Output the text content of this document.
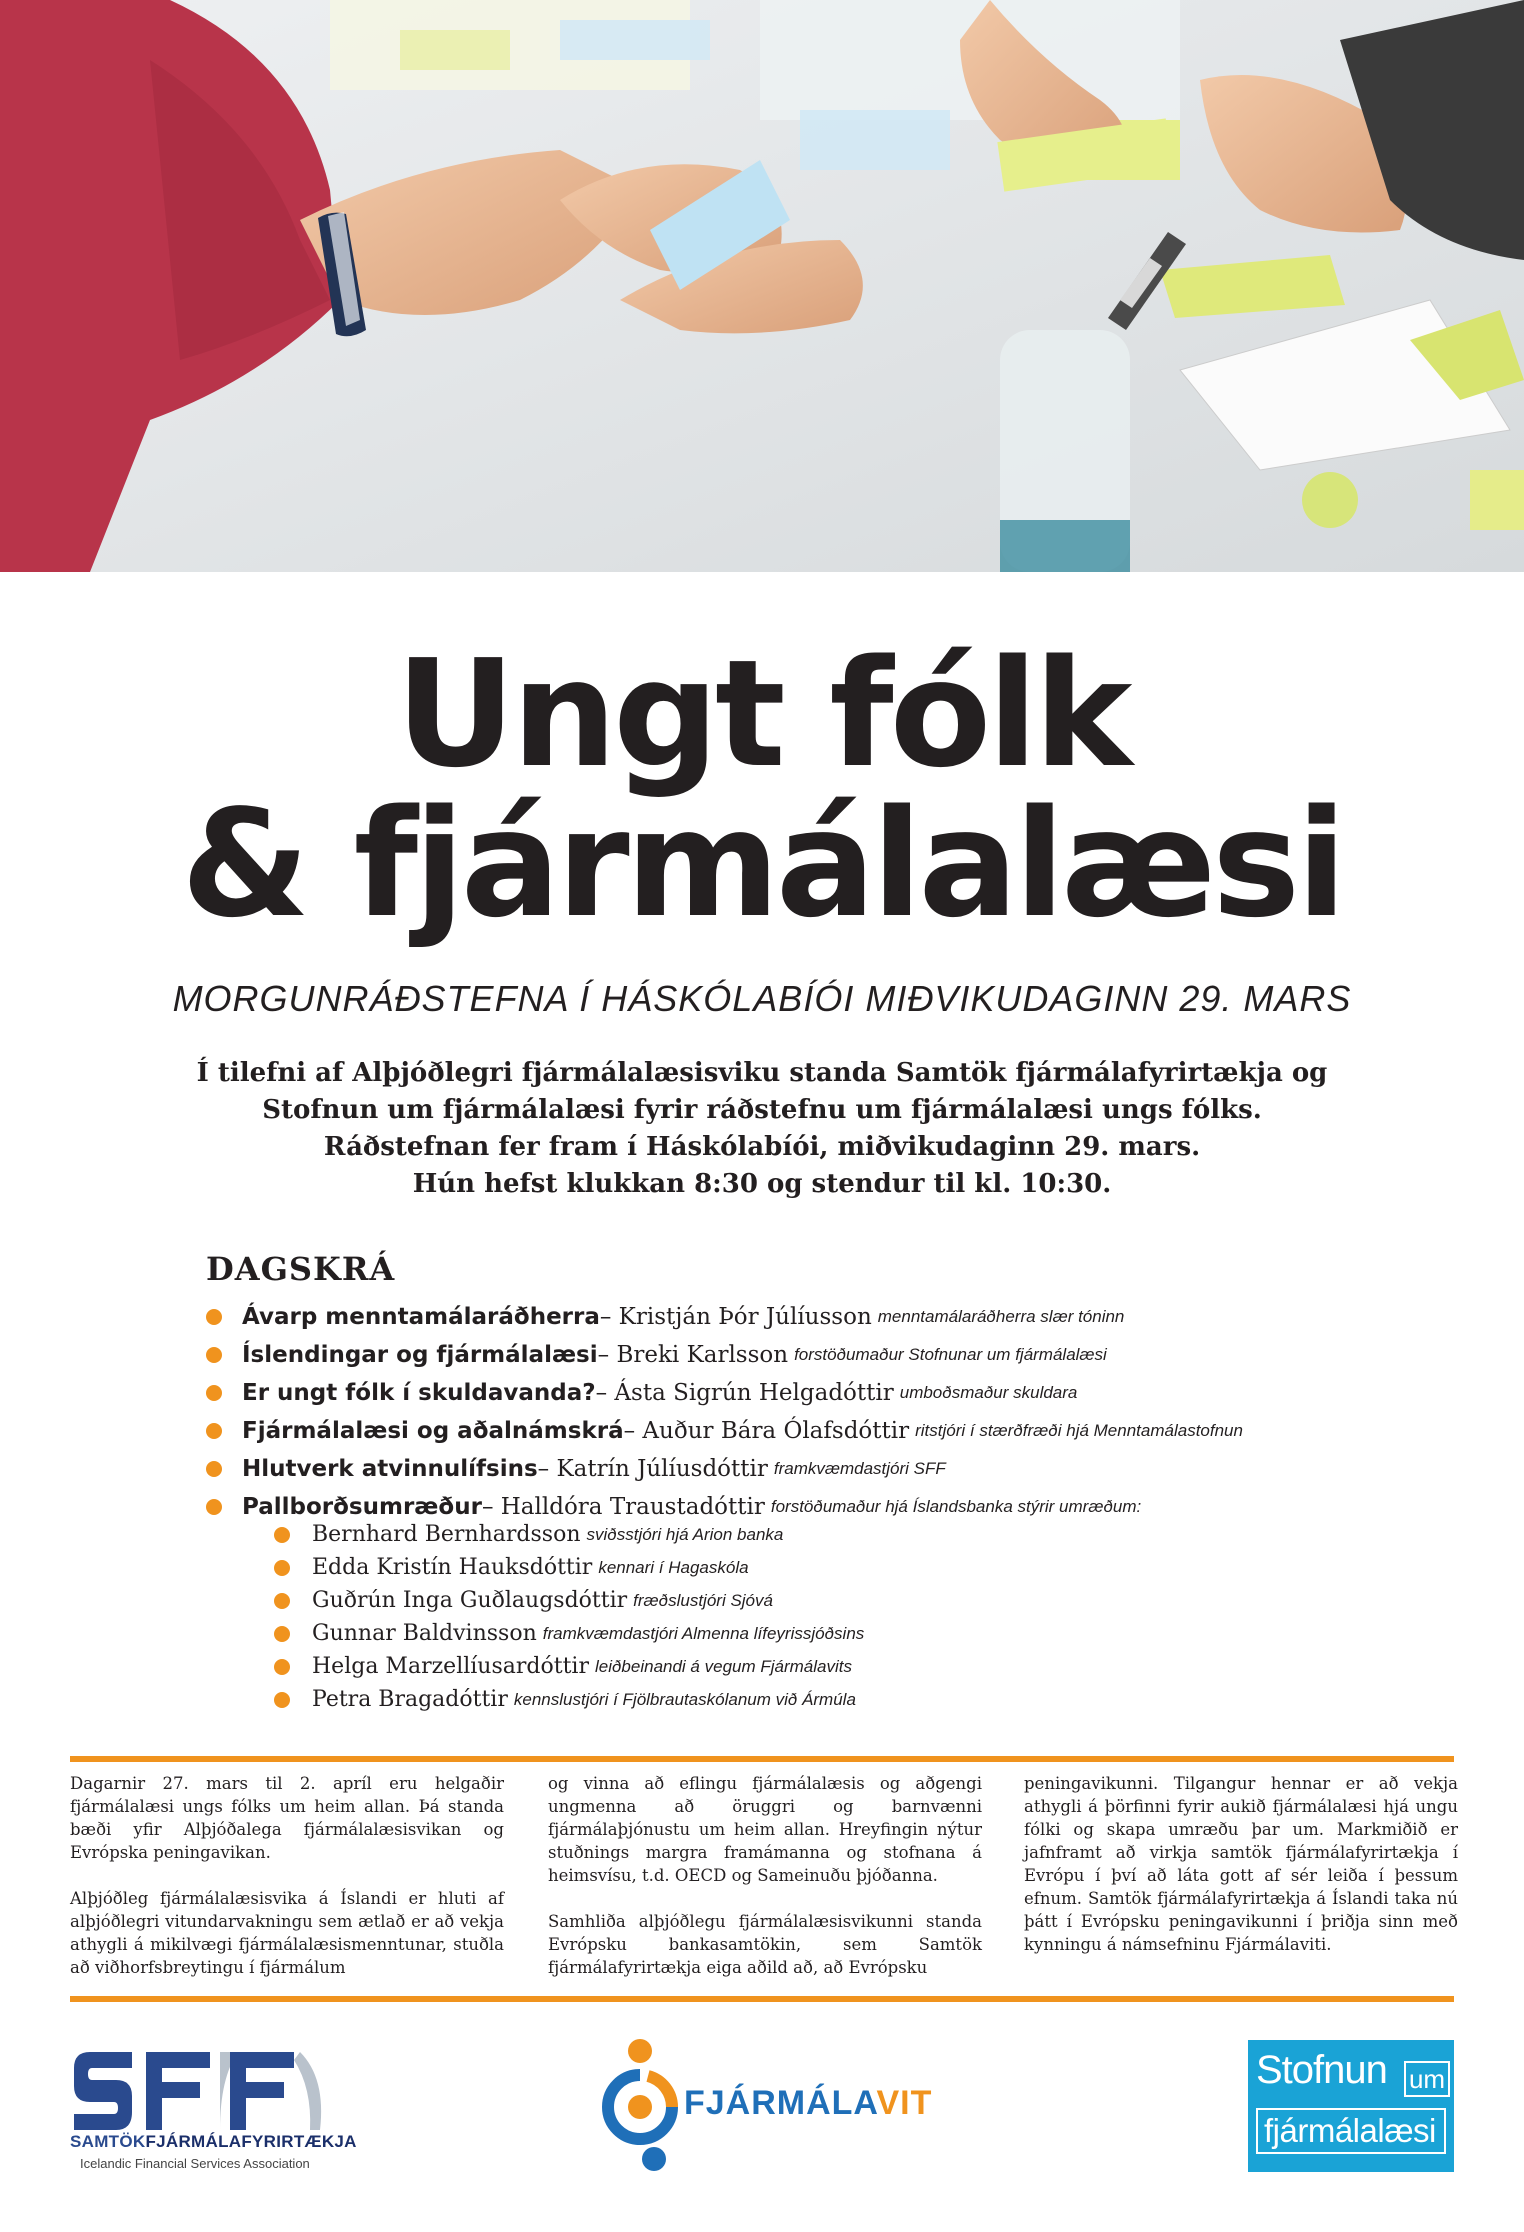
Ungt fólk
& fjármálalæsi
MORGUNRÁÐSTEFNA Í HÁSKÓLABÍÓI MIÐVIKUDAGINN 29. MARS
Í tilefni af Alþjóðlegri fjármálalæsisviku standa Samtök fjármálafyrirtækja og
Stofnun um fjármálalæsi fyrir ráðstefnu um fjármálalæsi ungs fólks.
Ráðstefnan fer fram í Háskólabíói, miðvikudaginn 29. mars.
Hún hefst klukkan 8:30 og stendur til kl. 10:30.
DAGSKRÁ
Ávarp menntamálaráðherra – Kristján Þór Júlíusson menntamálaráðherra slær tóninn
Íslendingar og fjármálalæsi – Breki Karlsson forstöðumaður Stofnunar um fjármálalæsi
Er ungt fólk í skuldavanda? – Ásta Sigrún Helgadóttir umboðsmaður skuldara
Fjármálalæsi og aðalnámskrá – Auður Bára Ólafsdóttir ritstjóri í stærðfræði hjá Menntamálastofnun
Hlutverk atvinnulífsins – Katrín Júlíusdóttir framkvæmdastjóri SFF
Pallborðsumræður – Halldóra Traustadóttir forstöðumaður hjá Íslandsbanka stýrir umræðum:
Bernhard Bernhardsson sviðsstjóri hjá Arion banka
Edda Kristín Hauksdóttir kennari í Hagaskóla
Guðrún Inga Guðlaugsdóttir fræðslustjóri Sjóvá
Gunnar Baldvinsson framkvæmdastjóri Almenna lífeyrissjóðsins
Helga Marzellíusardóttir leiðbeinandi á vegum Fjármálavits
Petra Bragadóttir kennslustjóri í Fjölbrautaskólanum við Ármúla

Dagarnir 27. mars til 2. apríl eru helgaðir fjármálalæsi ungs fólks um heim allan. Þá standa bæði yfir Alþjóðalega fjármálalæsisvikan og Evrópska peningavikan.

Alþjóðleg fjármálalæsisvika á Íslandi er hluti af alþjóðlegri vitundarvakningu sem ætlað er að vekja athygli á mikilvægi fjármálalæsismenntunar, stuðla að viðhorfsbreytingu í fjármálum

og vinna að eflingu fjármálalæsis og aðgengi ungmenna að öruggri og barnvænni fjármálaþjónustu um heim allan. Hreyfingin nýtur stuðnings margra framámanna og stofnana á heimsvísu, t.d. OECD og Sameinuðu þjóðanna.

Samhliða alþjóðlegu fjármálalæsisvikunni standa Evrópsku bankasamtökin, sem Samtök fjármálafyrirtækja eiga aðild að, að Evrópsku

peningavikunni. Tilgangur hennar er að vekja athygli á þörfinni fyrir aukið fjármálalæsi hjá ungu fólki og skapa umræðu þar um. Markmiðið er jafnframt að virkja samtök fjármálafyrirtækja í Evrópu í því að láta gott af sér leiða í þessum efnum. Samtök fjármálafyrirtækja á Íslandi taka nú þátt í Evrópsku peningavikunni í þriðja sinn með kynningu á námsefninu Fjármálaviti.

SAMTÖKFJÁRMÁLAFYRIRTÆKJA
Icelandic Financial Services Association
FJÁRMÁLAVIT
Stofnun um
fjármálalæsi
